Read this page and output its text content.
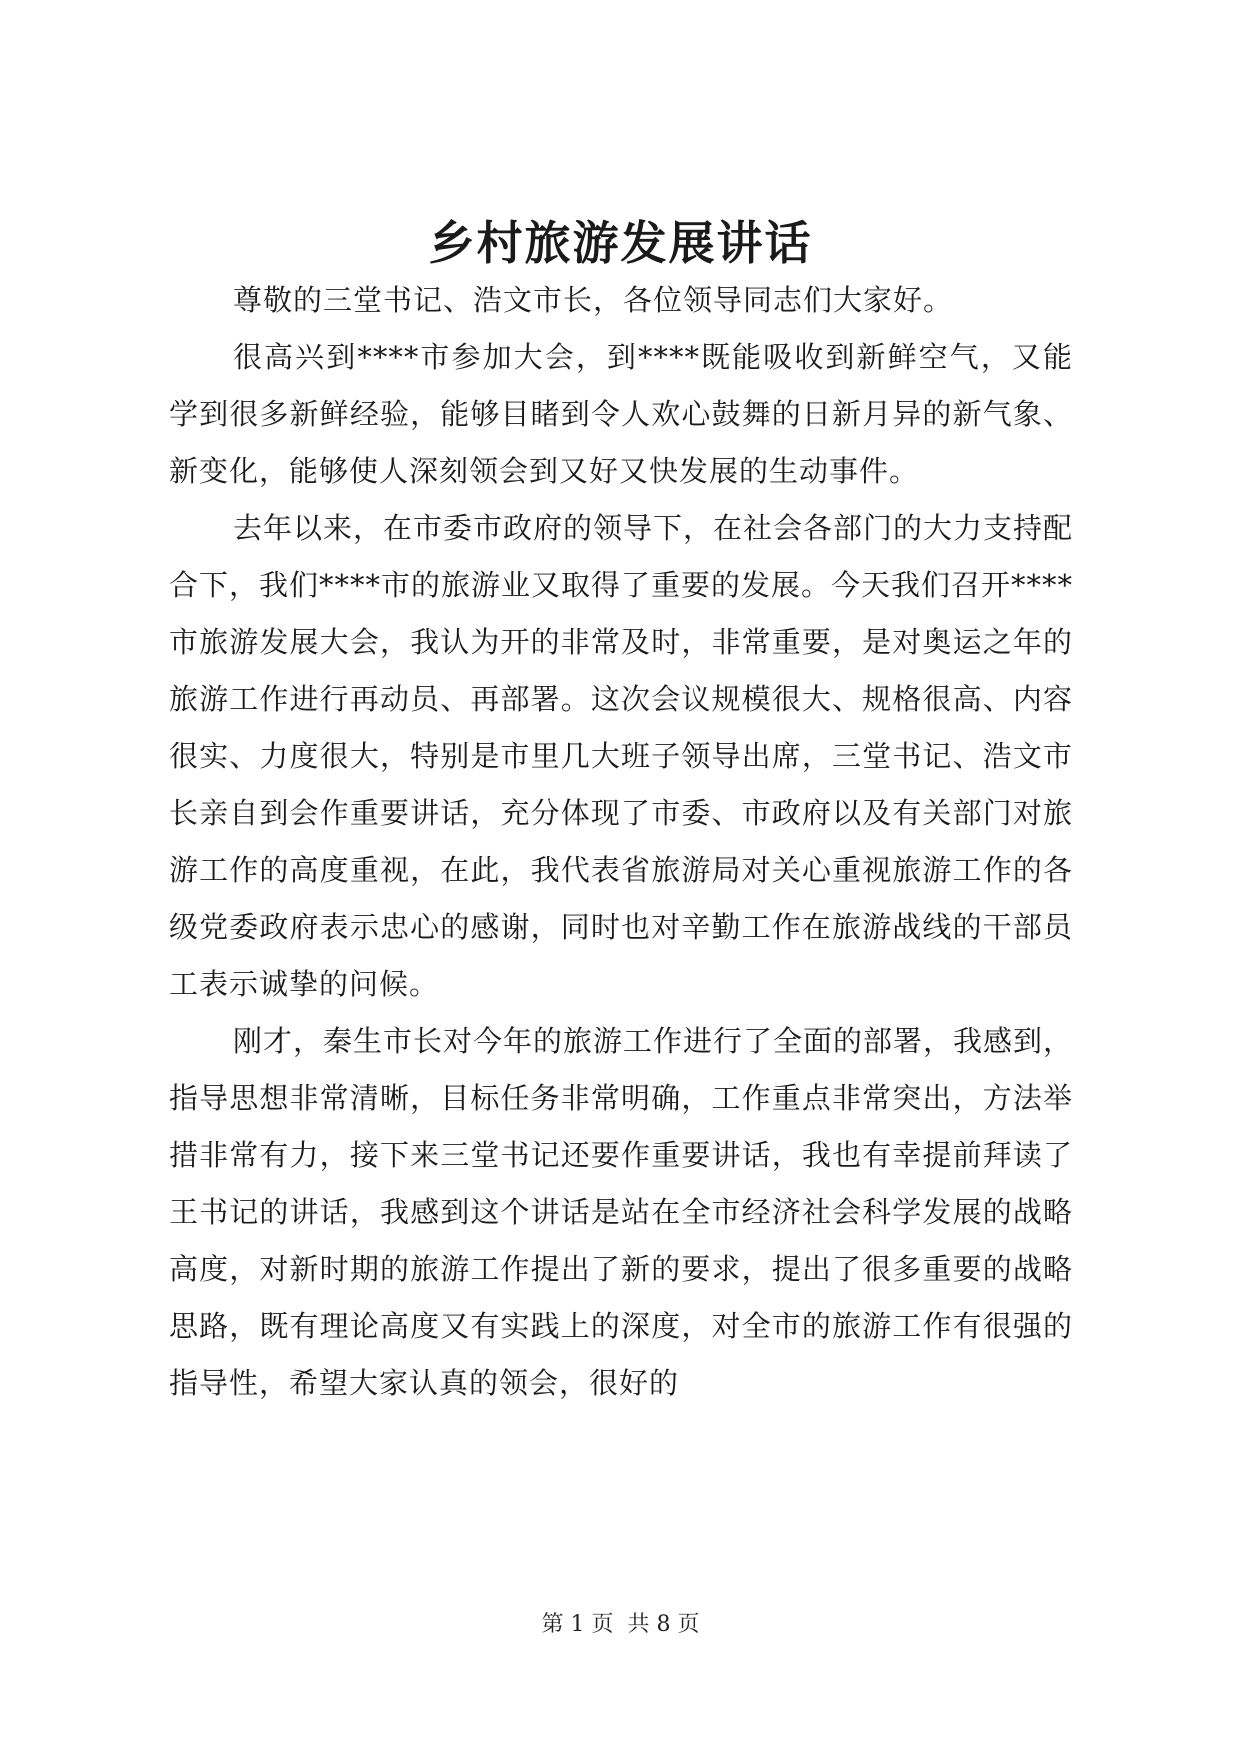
乡村旅游发展讲话

尊敬的三堂书记、浩文市长，各位领导同志们大家好。

很高兴到****市参加大会，到****既能吸收到新鲜空气，又能学到很多新鲜经验，能够目睹到令人欢心鼓舞的日新月异的新气象、新变化，能够使人深刻领会到又好又快发展的生动事件。

去年以来，在市委市政府的领导下，在社会各部门的大力支持配合下，我们****市的旅游业又取得了重要的发展。今天我们召开****市旅游发展大会，我认为开的非常及时，非常重要，是对奥运之年的旅游工作进行再动员、再部署。这次会议规模很大、规格很高、内容很实、力度很大，特别是市里几大班子领导出席，三堂书记、浩文市长亲自到会作重要讲话，充分体现了市委、市政府以及有关部门对旅游工作的高度重视，在此，我代表省旅游局对关心重视旅游工作的各级党委政府表示忠心的感谢，同时也对辛勤工作在旅游战线的干部员工表示诚挚的问候。

刚才，秦生市长对今年的旅游工作进行了全面的部署，我感到，指导思想非常清晰，目标任务非常明确，工作重点非常突出，方法举措非常有力，接下来三堂书记还要作重要讲话，我也有幸提前拜读了王书记的讲话，我感到这个讲话是站在全市经济社会科学发展的战略高度，对新时期的旅游工作提出了新的要求，提出了很多重要的战略思路，既有理论高度又有实践上的深度，对全市的旅游工作有很强的指导性，希望大家认真的领会，很好的

第 1 页 共 8 页
